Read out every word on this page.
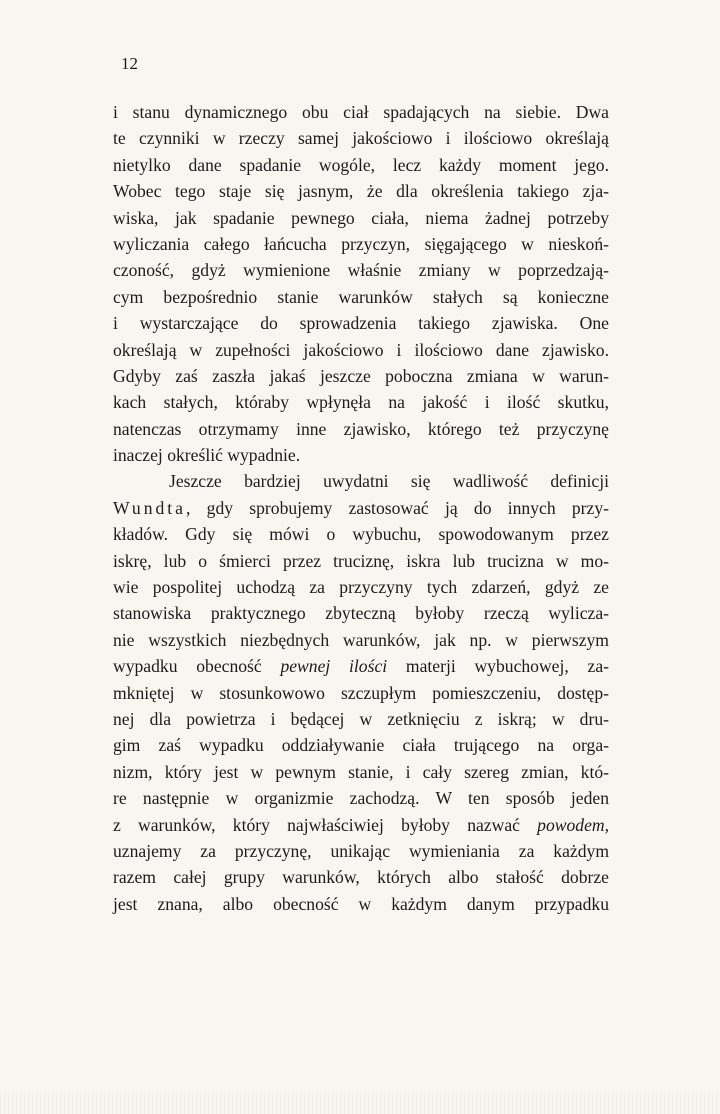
12
i stanu dynamicznego obu ciał spadających na siebie. Dwa
te czynniki w rzeczy samej jakościowo i ilościowo określają
nietylko dane spadanie wogóle, lecz każdy moment jego.
Wobec tego staje się jasnym, że dla określenia takiego zja-
wiska, jak spadanie pewnego ciała, niema żadnej potrzeby
wyliczania całego łańcucha przyczyn, sięgającego w nieskoń-
czoność, gdyż wymienione właśnie zmiany w poprzedzają-
cym bezpośrednio stanie warunków stałych są konieczne
i wystarczające do sprowadzenia takiego zjawiska. One
określają w zupełności jakościowo i ilościowo dane zjawisko.
Gdyby zaś zaszła jakaś jeszcze poboczna zmiana w warun-
kach stałych, któraby wpłynęła na jakość i ilość skutku,
natenczas otrzymamy inne zjawisko, którego też przyczynę
inaczej określić wypadnie.
Jeszcze bardziej uwydatni się wadliwość definicji
Wundta, gdy sprobujemy zastosować ją do innych przy-
kładów. Gdy się mówi o wybuchu, spowodowanym przez
iskrę, lub o śmierci przez truciznę, iskra lub trucizna w mo-
wie pospolitej uchodzą za przyczyny tych zdarzeń, gdyż ze
stanowiska praktycznego zbyteczną byłoby rzeczą wylicza-
nie wszystkich niezbędnych warunków, jak np. w pierwszym
wypadku obecność pewnej ilości materji wybuchowej, za-
mkniętej w stosunkowowo szczupłym pomieszczeniu, dostęp-
nej dla powietrza i będącej w zetknięciu z iskrą; w dru-
gim zaś wypadku oddziaływanie ciała trującego na orga-
nizm, który jest w pewnym stanie, i cały szereg zmian, któ-
re następnie w organizmie zachodzą. W ten sposób jeden
z warunków, który najwłaściwiej byłoby nazwać powodem,
uznajemy za przyczynę, unikając wymieniania za każdym
razem całej grupy warunków, których albo stałość dobrze
jest znana, albo obecność w każdym danym przypadku
